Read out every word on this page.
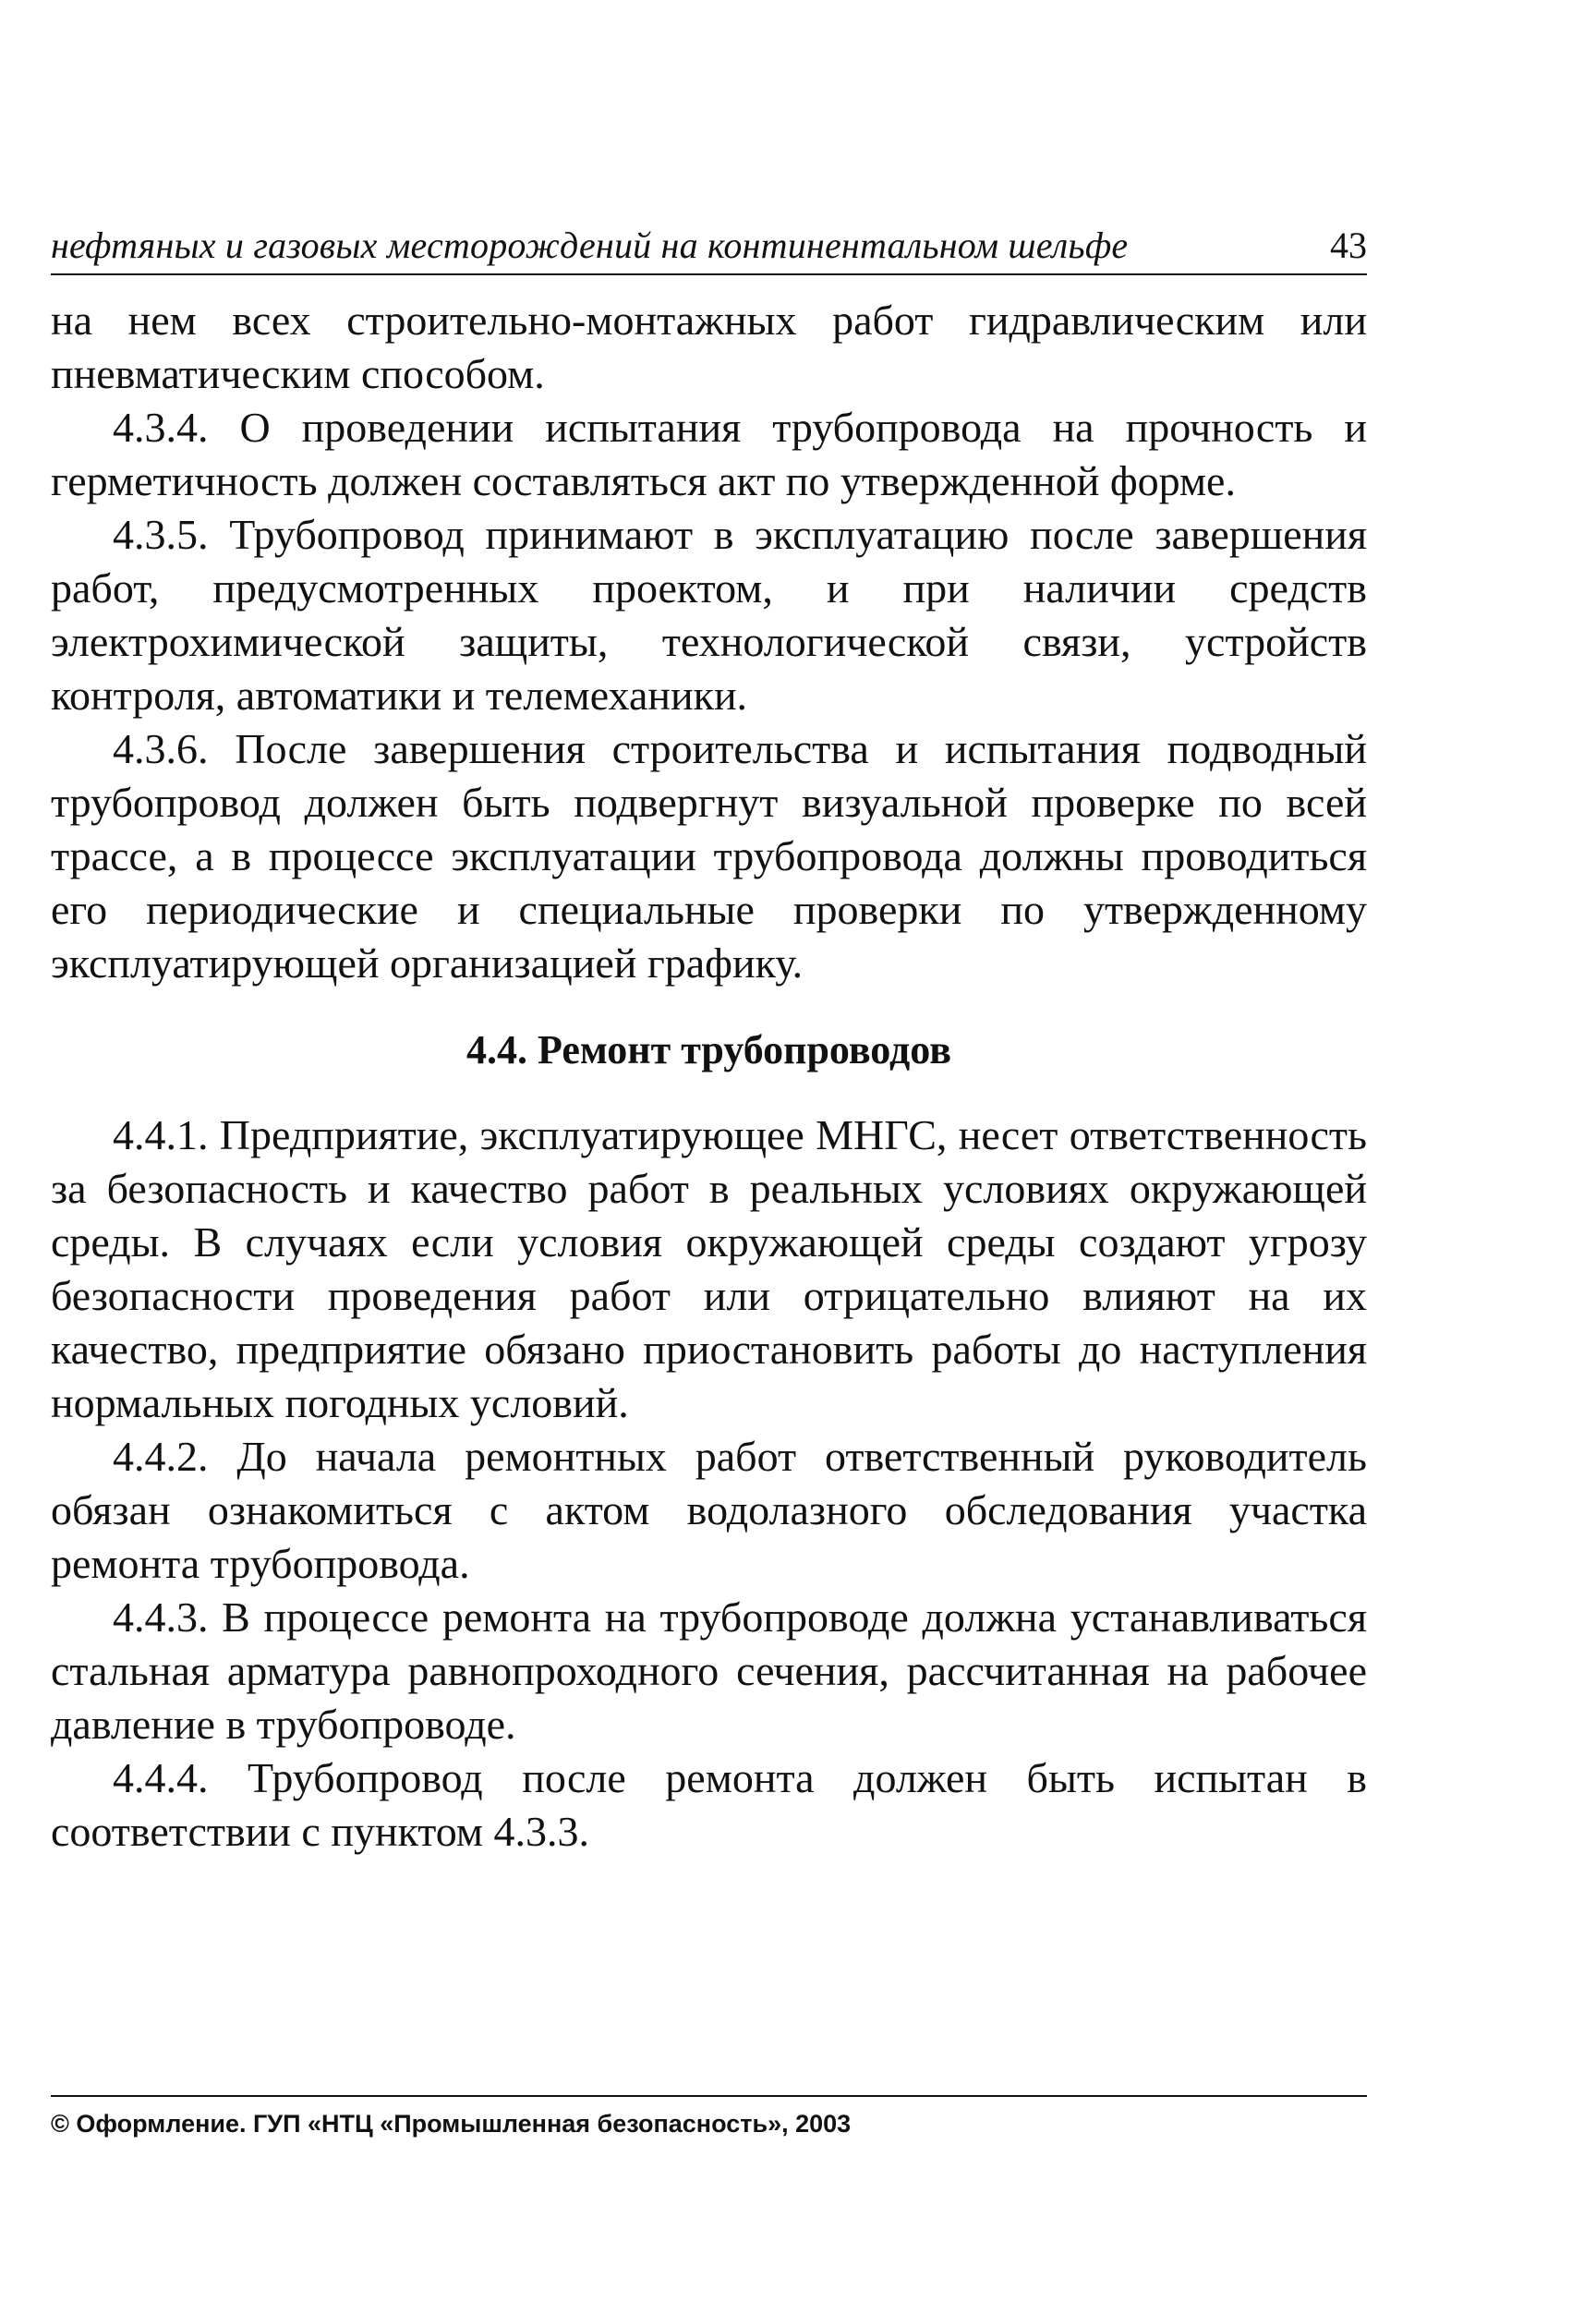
нефтяных и газовых месторождений на континентальном шельфе	43

на нем всех строительно-монтажных работ гидравлическим или пневматическим способом.

4.3.4. О проведении испытания трубопровода на прочность и герметичность должен составляться акт по утвержденной форме.

4.3.5. Трубопровод принимают в эксплуатацию после завершения работ, предусмотренных проектом, и при наличии средств электрохимической защиты, технологической связи, устройств контроля, автоматики и телемеханики.

4.3.6. После завершения строительства и испытания подводный трубопровод должен быть подвергнут визуальной проверке по всей трассе, а в процессе эксплуатации трубопровода должны проводиться его периодические и специальные проверки по утвержденному эксплуатирующей организацией графику.

4.4. Ремонт трубопроводов

4.4.1. Предприятие, эксплуатирующее МНГС, несет ответственность за безопасность и качество работ в реальных условиях окружающей среды. В случаях если условия окружающей среды создают угрозу безопасности проведения работ или отрицательно влияют на их качество, предприятие обязано приостановить работы до наступления нормальных погодных условий.

4.4.2. До начала ремонтных работ ответственный руководитель обязан ознакомиться с актом водолазного обследования участка ремонта трубопровода.

4.4.3. В процессе ремонта на трубопроводе должна устанавливаться стальная арматура равнопроходного сечения, рассчитанная на рабочее давление в трубопроводе.

4.4.4. Трубопровод после ремонта должен быть испытан в соответствии с пунктом 4.3.3.

© Оформление. ГУП «НТЦ «Промышленная безопасность», 2003
